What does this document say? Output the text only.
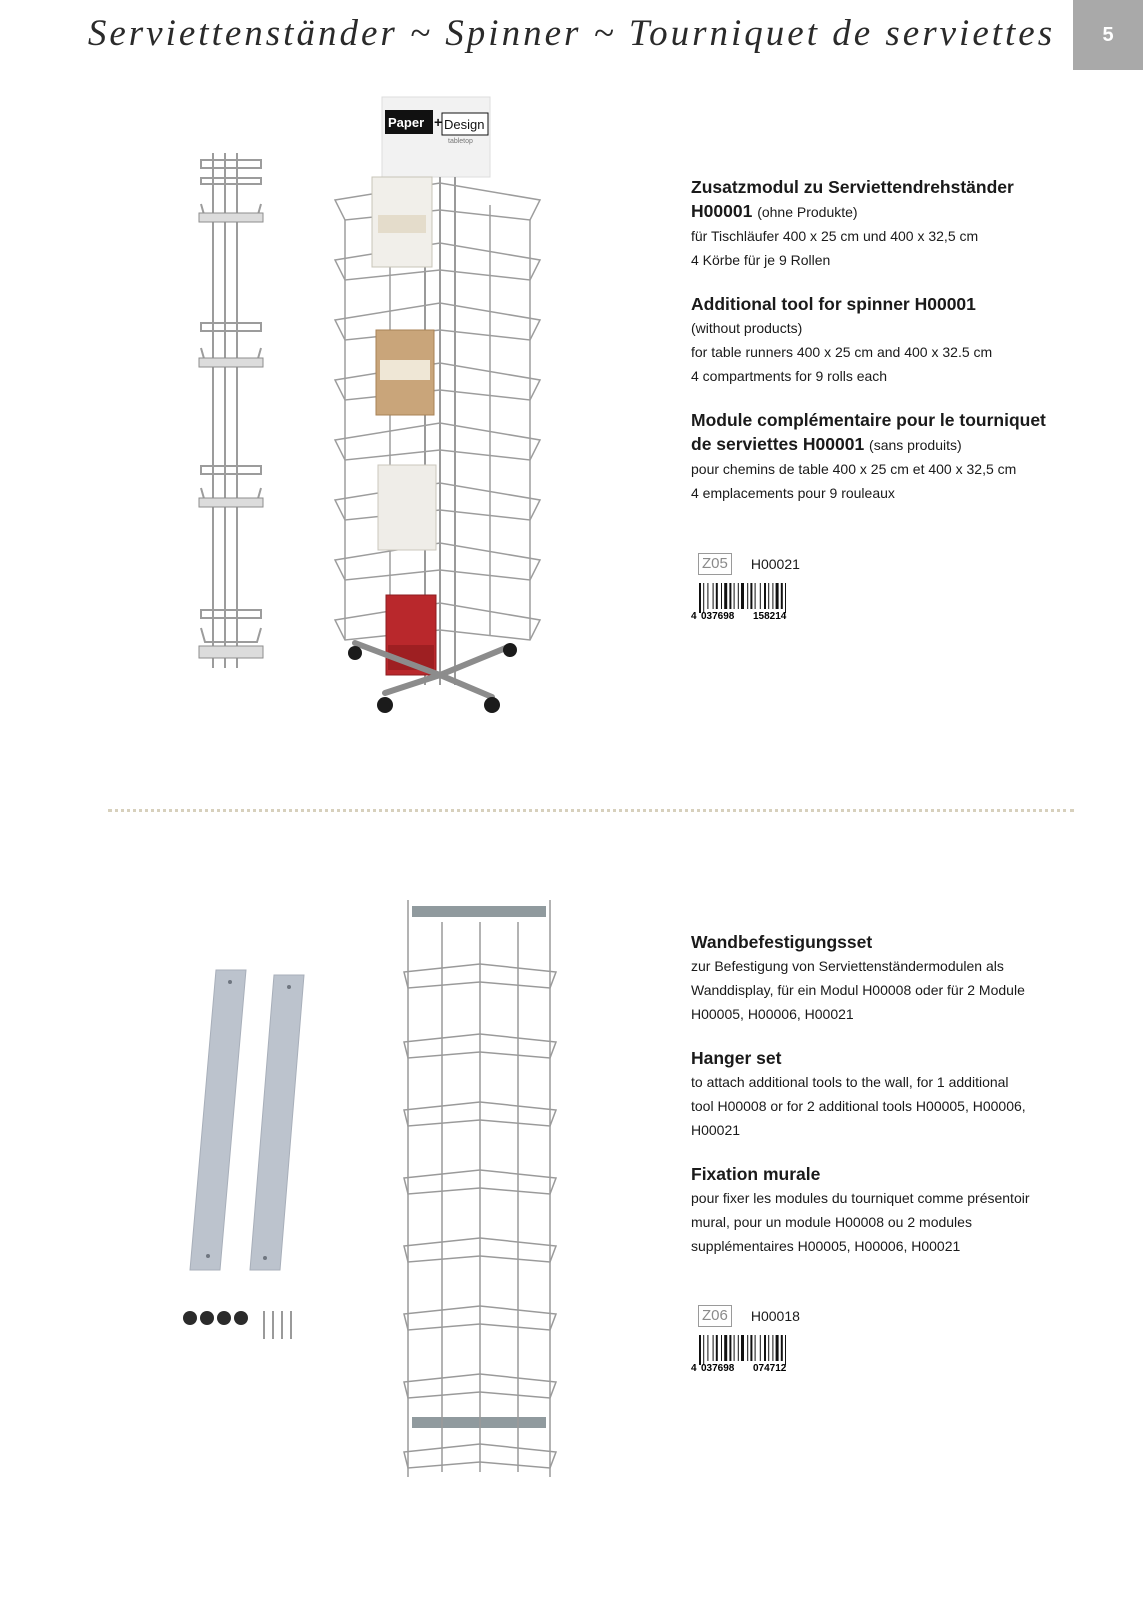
Serviettenständer ~ Spinner ~ Tourniquet de serviettes	5
Paper + Design
tabletop
Zusatzmodul zu Serviettendrehständer
H00001 (ohne Produkte)
für Tischläufer 400 x 25 cm und 400 x 32,5 cm
4 Körbe für je 9 Rollen
Additional tool for spinner H00001
(without products)
for table runners 400 x 25 cm and 400 x 32.5 cm
4 compartments for 9 rolls each
Module complémentaire pour le tourniquet
de serviettes H00001 (sans produits)
pour chemins de table 400 x 25 cm et 400 x 32,5 cm
4 emplacements pour 9 rouleaux
Z05 H00021
4 037698 158214
Wandbefestigungsset
zur Befestigung von Serviettenständermodulen als
Wanddisplay, für ein Modul H00008 oder für 2 Module
H00005, H00006, H00021
Hanger set
to attach additional tools to the wall, for 1 additional
tool H00008 or for 2 additional tools H00005, H00006,
H00021
Fixation murale
pour fixer les modules du tourniquet comme présentoir
mural, pour un module H00008 ou 2 modules
supplémentaires H00005, H00006, H00021
Z06 H00018
4 037698 074712
